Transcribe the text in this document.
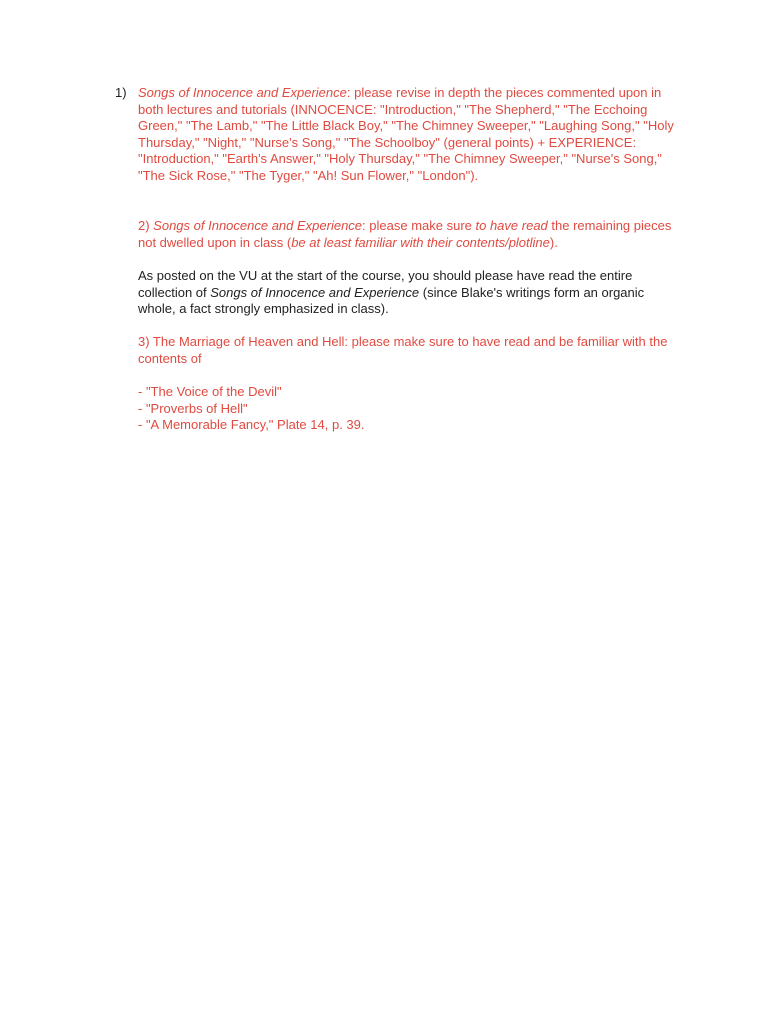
1) Songs of Innocence and Experience: please revise in depth the pieces commented upon in both lectures and tutorials (INNOCENCE: "Introduction," "The Shepherd," "The Ecchoing Green," "The Lamb," "The Little Black Boy," "The Chimney Sweeper," "Laughing Song," "Holy Thursday," "Night," "Nurse's Song," "The Schoolboy" (general points) + EXPERIENCE: "Introduction," "Earth's Answer," "Holy Thursday," "The Chimney Sweeper," "Nurse's Song," "The Sick Rose," "The Tyger," "Ah! Sun Flower," "London").

2) Songs of Innocence and Experience: please make sure to have read the remaining pieces not dwelled upon in class (be at least familiar with their contents/plotline).

As posted on the VU at the start of the course, you should please have read the entire collection of Songs of Innocence and Experience (since Blake's writings form an organic whole, a fact strongly emphasized in class).

3) The Marriage of Heaven and Hell: please make sure to have read and be familiar with the contents of

- "The Voice of the Devil"

- "Proverbs of Hell"

- "A Memorable Fancy," Plate 14, p. 39.
